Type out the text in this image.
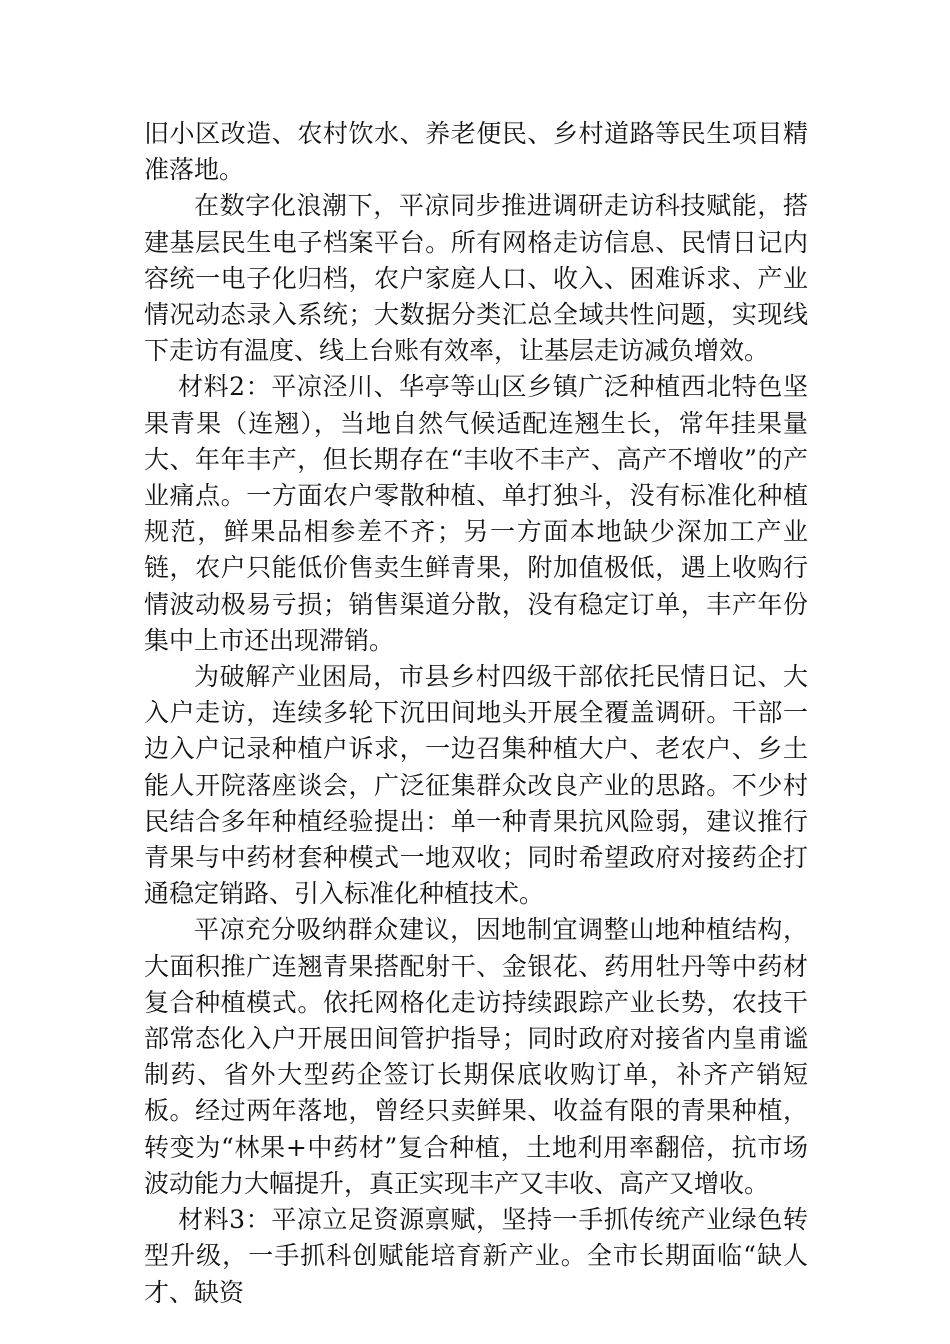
旧小区改造、农村饮水、养老便民、乡村道路等民生项目精准落地。

在数字化浪潮下，平凉同步推进调研走访科技赋能，搭建基层民生电子档案平台。所有网格走访信息、民情日记内容统一电子化归档，农户家庭人口、收入、困难诉求、产业情况动态录入系统；大数据分类汇总全域共性问题，实现线下走访有温度、线上台账有效率，让基层走访减负增效。

材料2：平凉泾川、华亭等山区乡镇广泛种植西北特色坚果青果（连翘），当地自然气候适配连翘生长，常年挂果量大、年年丰产，但长期存在“丰收不丰产、高产不增收”的产业痛点。一方面农户零散种植、单打独斗，没有标准化种植规范，鲜果品相参差不齐；另一方面本地缺少深加工产业链，农户只能低价售卖生鲜青果，附加值极低，遇上收购行情波动极易亏损；销售渠道分散，没有稳定订单，丰产年份集中上市还出现滞销。

为破解产业困局，市县乡村四级干部依托民情日记、大入户走访，连续多轮下沉田间地头开展全覆盖调研。干部一边入户记录种植户诉求，一边召集种植大户、老农户、乡土能人开院落座谈会，广泛征集群众改良产业的思路。不少村民结合多年种植经验提出：单一种青果抗风险弱，建议推行青果与中药材套种模式一地双收；同时希望政府对接药企打通稳定销路、引入标准化种植技术。

平凉充分吸纳群众建议，因地制宜调整山地种植结构，大面积推广连翘青果搭配射干、金银花、药用牡丹等中药材复合种植模式。依托网格化走访持续跟踪产业长势，农技干部常态化入户开展田间管护指导；同时政府对接省内皇甫谧制药、省外大型药企签订长期保底收购订单，补齐产销短板。经过两年落地，曾经只卖鲜果、收益有限的青果种植，转变为“林果+中药材”复合种植，土地利用率翻倍，抗市场波动能力大幅提升，真正实现丰产又丰收、高产又增收。

材料3：平凉立足资源禀赋，坚持一手抓传统产业绿色转型升级，一手抓科创赋能培育新产业。全市长期面临“缺人才、缺资
